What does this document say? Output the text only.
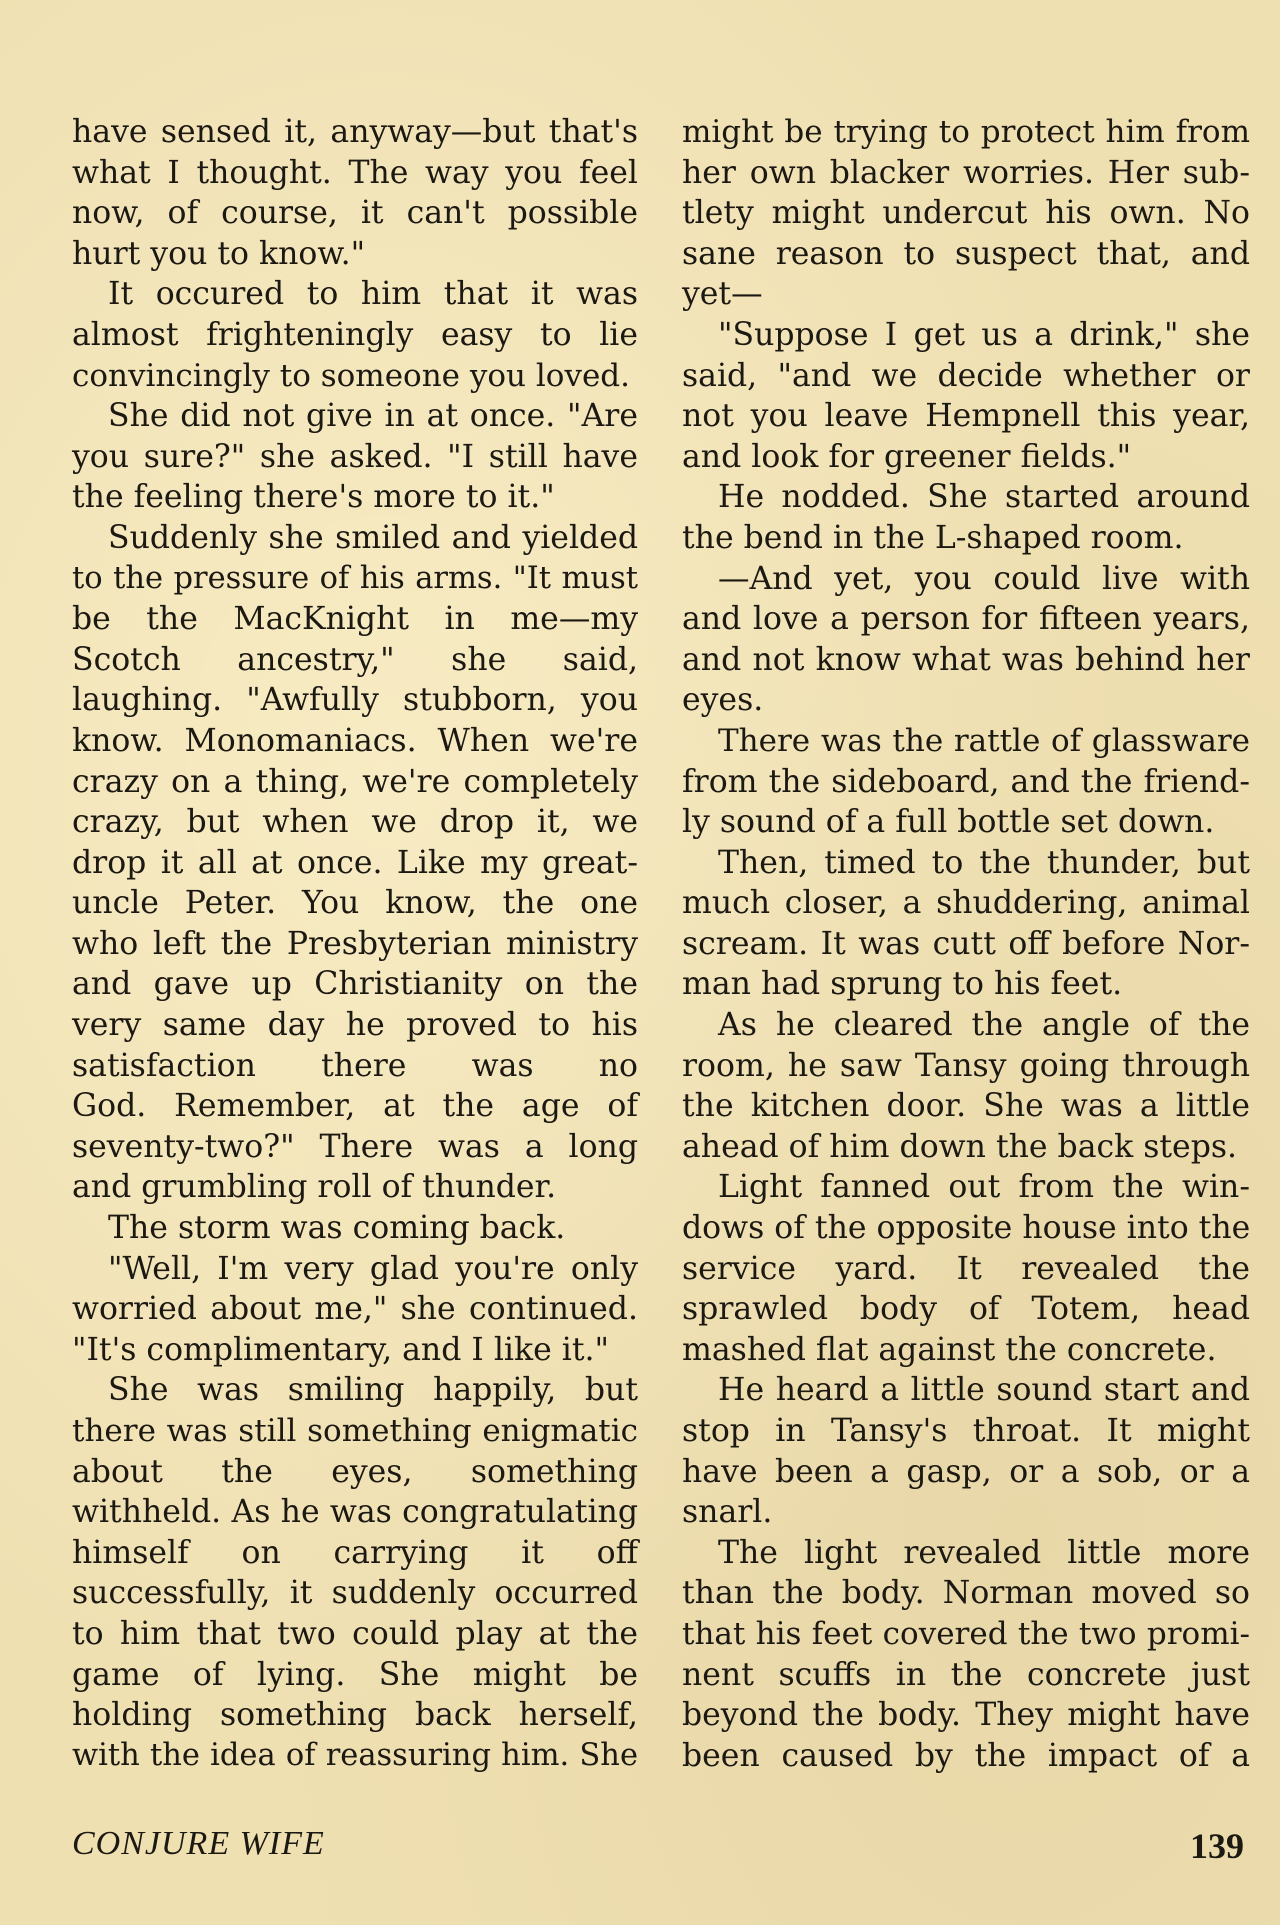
have sensed it, anyway—but that's
what I thought. The way you feel
now, of course, it can't possible
hurt you to know."
It occured to him that it was
almost frighteningly easy to lie
convincingly to someone you loved.
She did not give in at once. "Are
you sure?" she asked. "I still have
the feeling there's more to it."
Suddenly she smiled and yielded
to the pressure of his arms. "It must
be the MacKnight in me—my
Scotch ancestry," she said,
laughing. "Awfully stubborn, you
know. Monomaniacs. When we're
crazy on a thing, we're completely
crazy, but when we drop it, we
drop it all at once. Like my great-
uncle Peter. You know, the one
who left the Presbyterian ministry
and gave up Christianity on the
very same day he proved to his
satisfaction there was no
God. Remember, at the age of
seventy-two?" There was a long
and grumbling roll of thunder.
The storm was coming back.
"Well, I'm very glad you're only
worried about me," she continued.
"It's complimentary, and I like it."
She was smiling happily, but
there was still something enigmatic
about the eyes, something
withheld. As he was congratulating
himself on carrying it off
successfully, it suddenly occurred
to him that two could play at the
game of lying. She might be
holding something back herself,
with the idea of reassuring him. She
might be trying to protect him from
her own blacker worries. Her sub-
tlety might undercut his own. No
sane reason to suspect that, and
yet—
"Suppose I get us a drink," she
said, "and we decide whether or
not you leave Hempnell this year,
and look for greener fields."
He nodded. She started around
the bend in the L-shaped room.
—And yet, you could live with
and love a person for fifteen years,
and not know what was behind her
eyes.
There was the rattle of glassware
from the sideboard, and the friend-
ly sound of a full bottle set down.
Then, timed to the thunder, but
much closer, a shuddering, animal
scream. It was cutt off before Nor-
man had sprung to his feet.
As he cleared the angle of the
room, he saw Tansy going through
the kitchen door. She was a little
ahead of him down the back steps.
Light fanned out from the win-
dows of the opposite house into the
service yard. It revealed the
sprawled body of Totem, head
mashed flat against the concrete.
He heard a little sound start and
stop in Tansy's throat. It might
have been a gasp, or a sob, or a
snarl.
The light revealed little more
than the body. Norman moved so
that his feet covered the two promi-
nent scuffs in the concrete just
beyond the body. They might have
been caused by the impact of a
CONJURE WIFE	139
